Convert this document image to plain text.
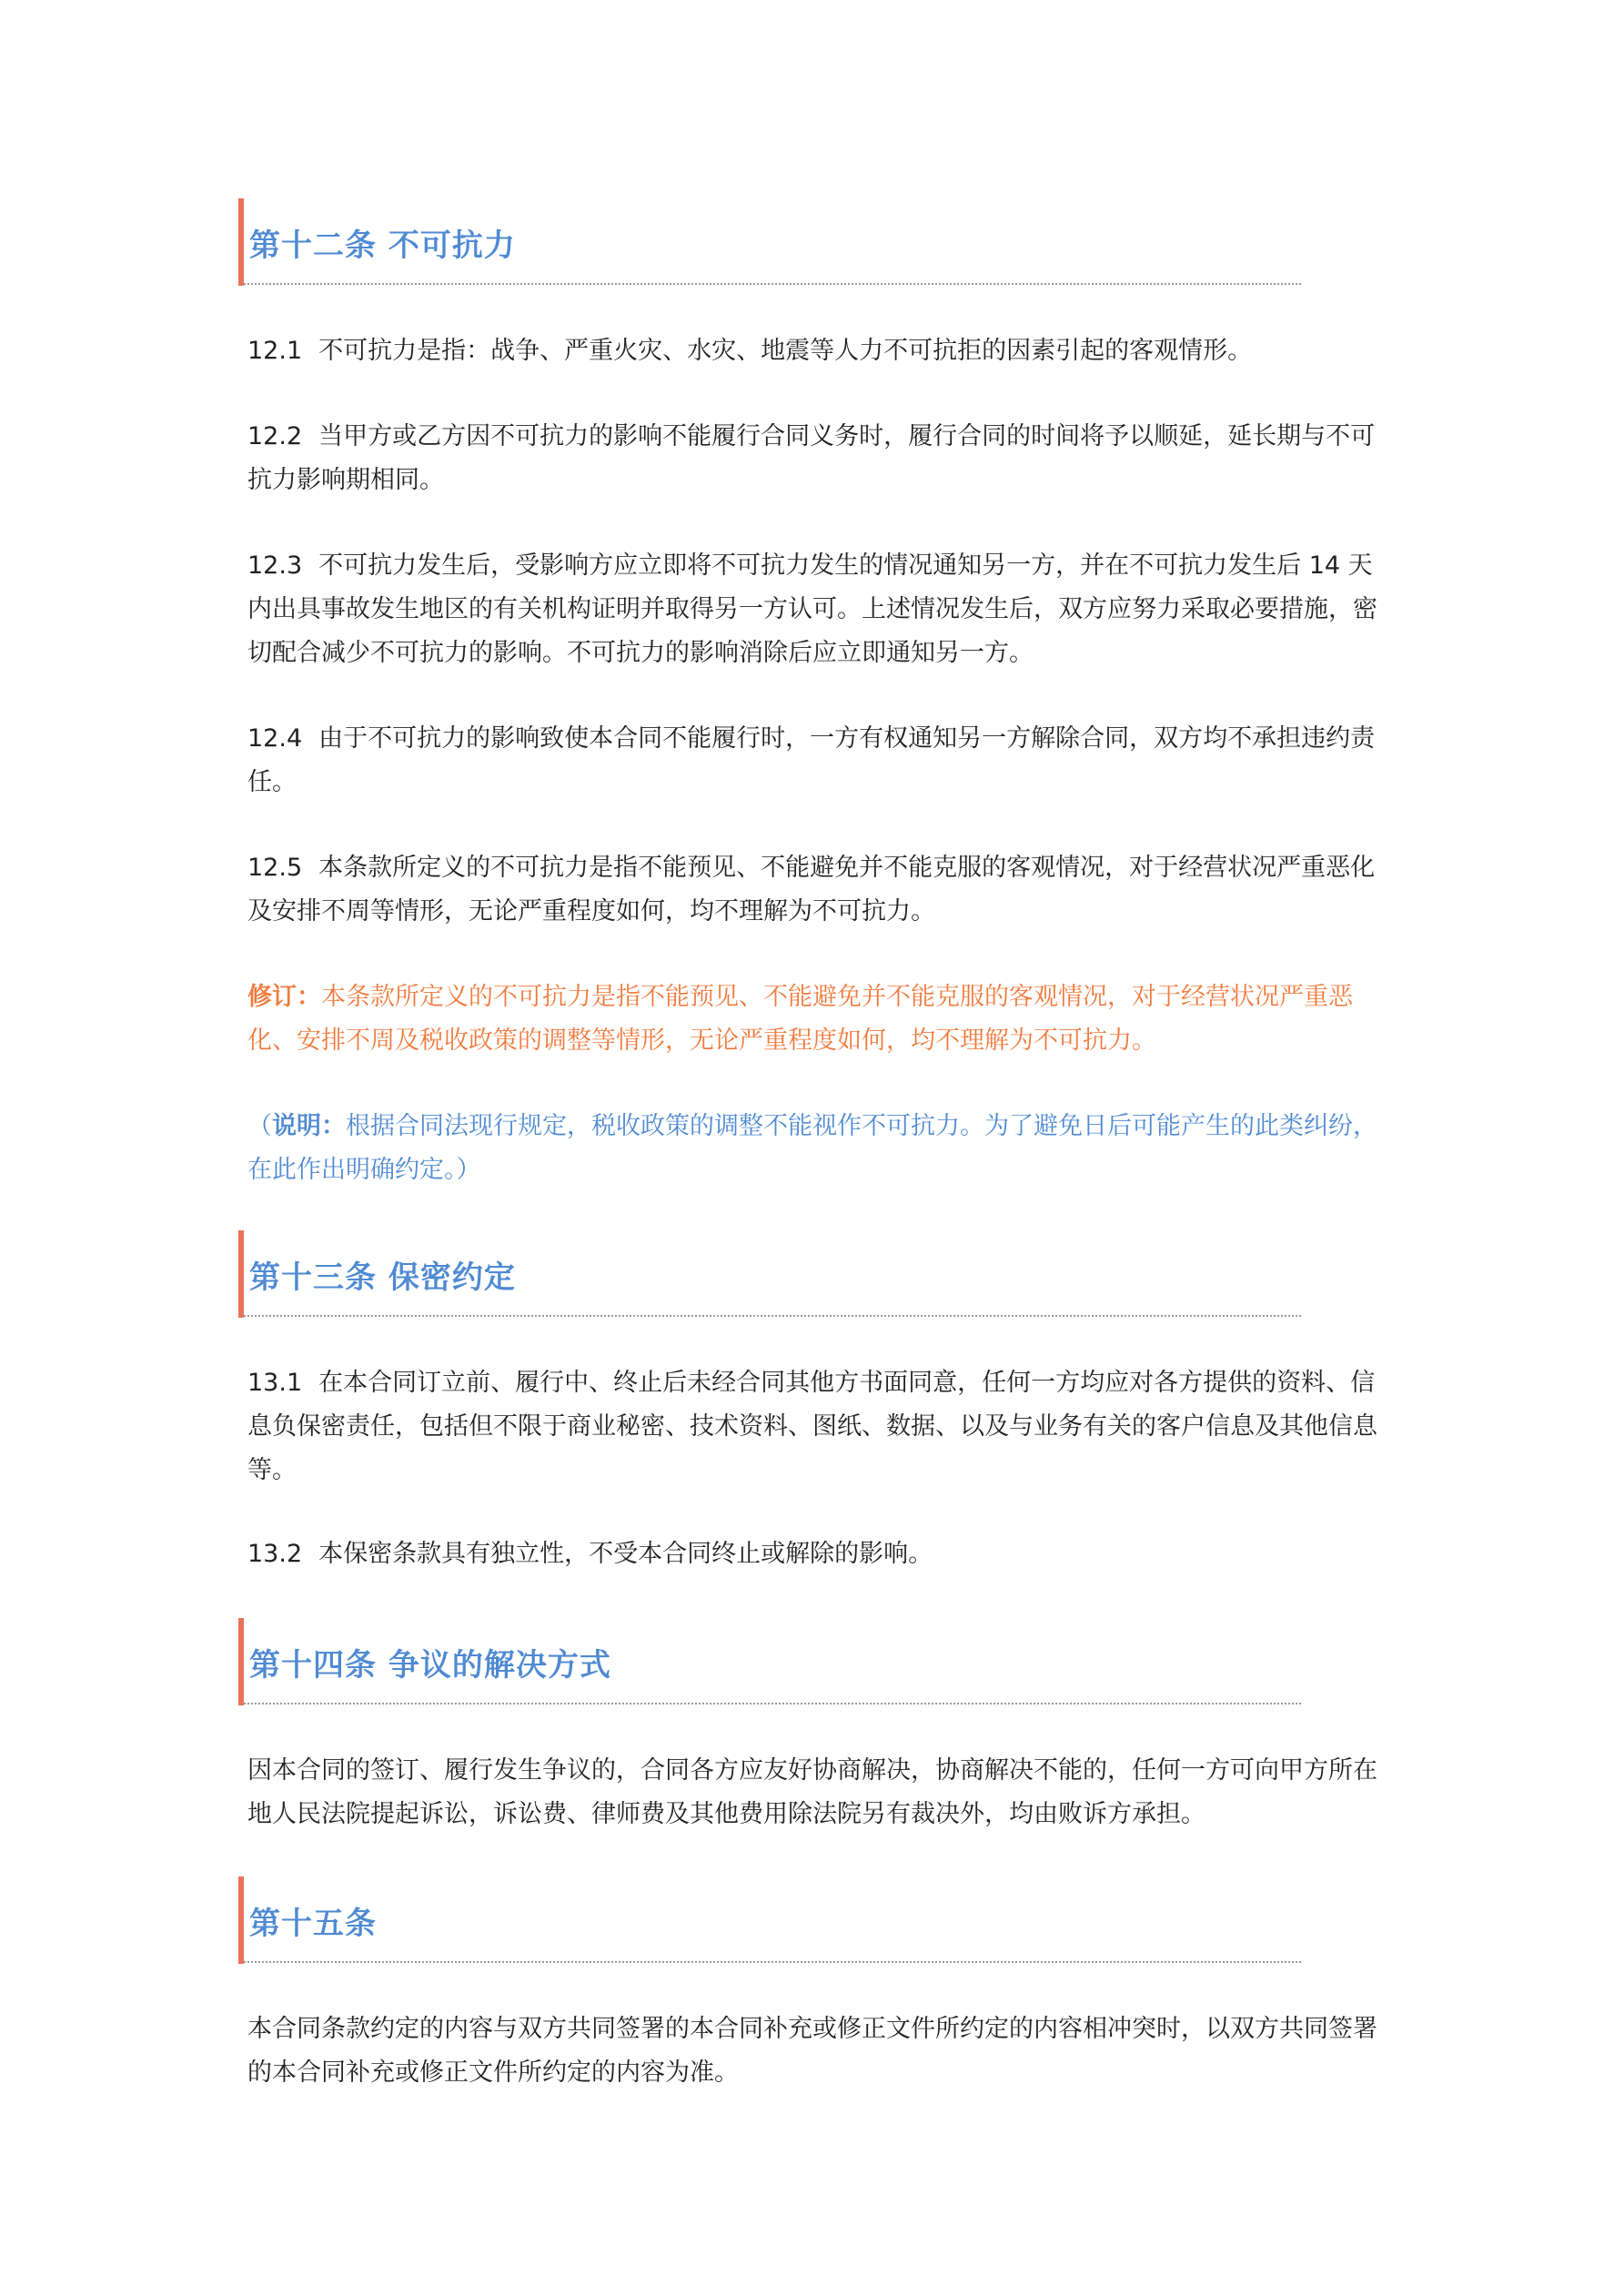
第十二条 不可抗力

12.1 不可抗力是指：战争、严重火灾、水灾、地震等人力不可抗拒的因素引起的客观情形。

12.2 当甲方或乙方因不可抗力的影响不能履行合同义务时，履行合同的时间将予以顺延，延长期与不可抗力影响期相同。

12.3 不可抗力发生后，受影响方应立即将不可抗力发生的情况通知另一方，并在不可抗力发生后 14 天内出具事故发生地区的有关机构证明并取得另一方认可。上述情况发生后，双方应努力采取必要措施，密切配合减少不可抗力的影响。不可抗力的影响消除后应立即通知另一方。

12.4 由于不可抗力的影响致使本合同不能履行时，一方有权通知另一方解除合同，双方均不承担违约责任。

12.5 本条款所定义的不可抗力是指不能预见、不能避免并不能克服的客观情况，对于经营状况严重恶化及安排不周等情形，无论严重程度如何，均不理解为不可抗力。

修订：本条款所定义的不可抗力是指不能预见、不能避免并不能克服的客观情况，对于经营状况严重恶化、安排不周及税收政策的调整等情形，无论严重程度如何，均不理解为不可抗力。

（说明：根据合同法现行规定，税收政策的调整不能视作不可抗力。为了避免日后可能产生的此类纠纷，在此作出明确约定。）

第十三条 保密约定

13.1 在本合同订立前、履行中、终止后未经合同其他方书面同意，任何一方均应对各方提供的资料、信息负保密责任，包括但不限于商业秘密、技术资料、图纸、数据、以及与业务有关的客户信息及其他信息等。

13.2 本保密条款具有独立性，不受本合同终止或解除的影响。

第十四条 争议的解决方式

因本合同的签订、履行发生争议的，合同各方应友好协商解决，协商解决不能的，任何一方可向甲方所在地人民法院提起诉讼，诉讼费、律师费及其他费用除法院另有裁决外，均由败诉方承担。

第十五条

本合同条款约定的内容与双方共同签署的本合同补充或修正文件所约定的内容相冲突时，以双方共同签署的本合同补充或修正文件所约定的内容为准。
